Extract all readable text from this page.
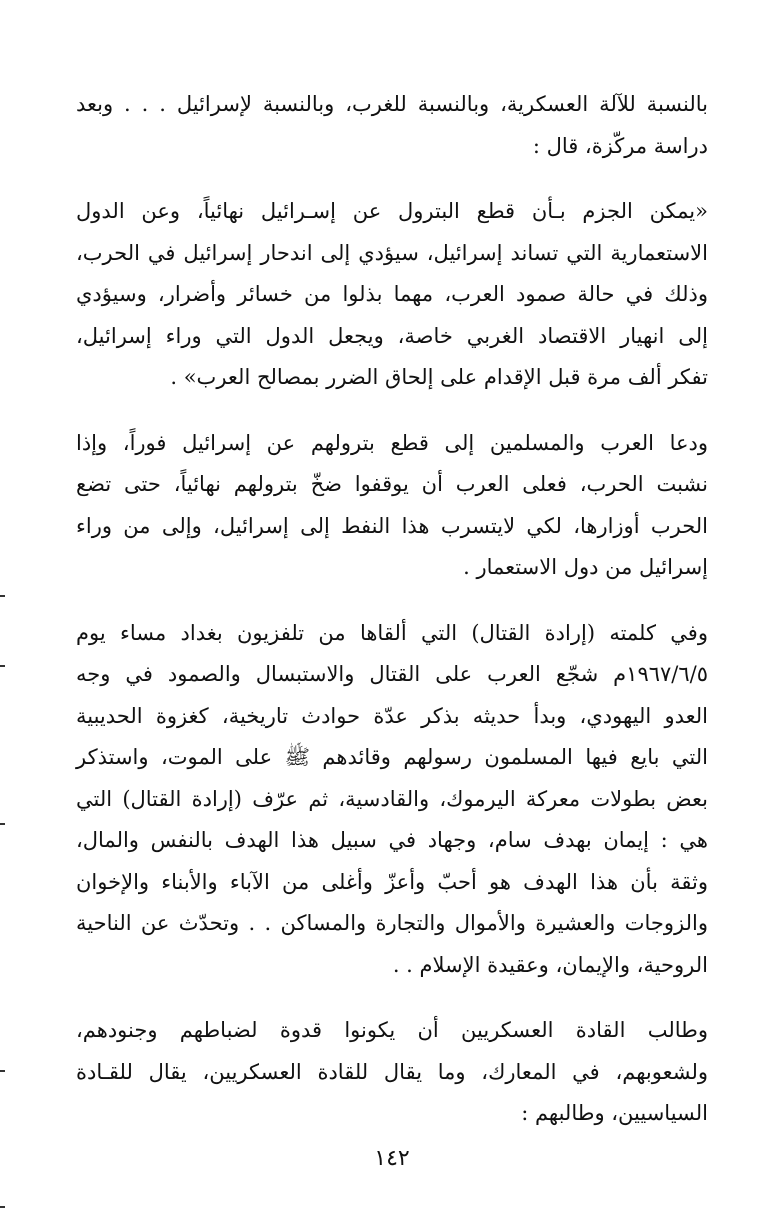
بالنسبة للآلة العسكرية، وبالنسبة للغرب، وبالنسبة لإسرائيل . . . وبعد
دراسة مركّزة، قال :
«يمكن الجزم بـأن قطع البترول عن إسـرائيل نهائياً، وعن الدول
الاستعمارية التي تساند إسرائيل، سيؤدي إلى اندحار إسرائيل في الحرب،
وذلك في حالة صمود العرب، مهما بذلوا من خسائر وأضرار، وسيؤدي
إلى انهيار الاقتصاد الغربي خاصة، ويجعل الدول التي وراء إسرائيل،
تفكر ألف مرة قبل الإقدام على إلحاق الضرر بمصالح العرب» .
ودعا العرب والمسلمين إلى قطع بترولهم عن إسرائيل فوراً، وإذا
نشبت الحرب، فعلى العرب أن يوقفوا ضخّ بترولهم نهائياً، حتى تضع
الحرب أوزارها، لكي لايتسرب هذا النفط إلى إسرائيل، وإلى من وراء
إسرائيل من دول الاستعمار .
وفي كلمته (إرادة القتال) التي ألقاها من تلفزيون بغداد مساء يوم
١٩٦٧/٦/٥م شجّع العرب على القتال والاستبسال والصمود في وجه
العدو اليهودي، وبدأ حديثه بذكر عدّة حوادث تاريخية، كغزوة الحديبية
التي بايع فيها المسلمون رسولهم وقائدهم ﷺ على الموت، واستذكر
بعض بطولات معركة اليرموك، والقادسية، ثم عرّف (إرادة القتال) التي
هي : إيمان بهدف سام، وجهاد في سبيل هذا الهدف بالنفس والمال،
وثقة بأن هذا الهدف هو أحبّ وأعزّ وأغلى من الآباء والأبناء والإخوان
والزوجات والعشيرة والأموال والتجارة والمساكن . . وتحدّث عن الناحية
الروحية، والإيمان، وعقيدة الإسلام . .
وطالب القادة العسكريين أن يكونوا قدوة لضباطهم وجنودهم،
ولشعوبهم، في المعارك، وما يقال للقادة العسكريين، يقال للقـادة
السياسيين، وطالبهم :
١٤٢
